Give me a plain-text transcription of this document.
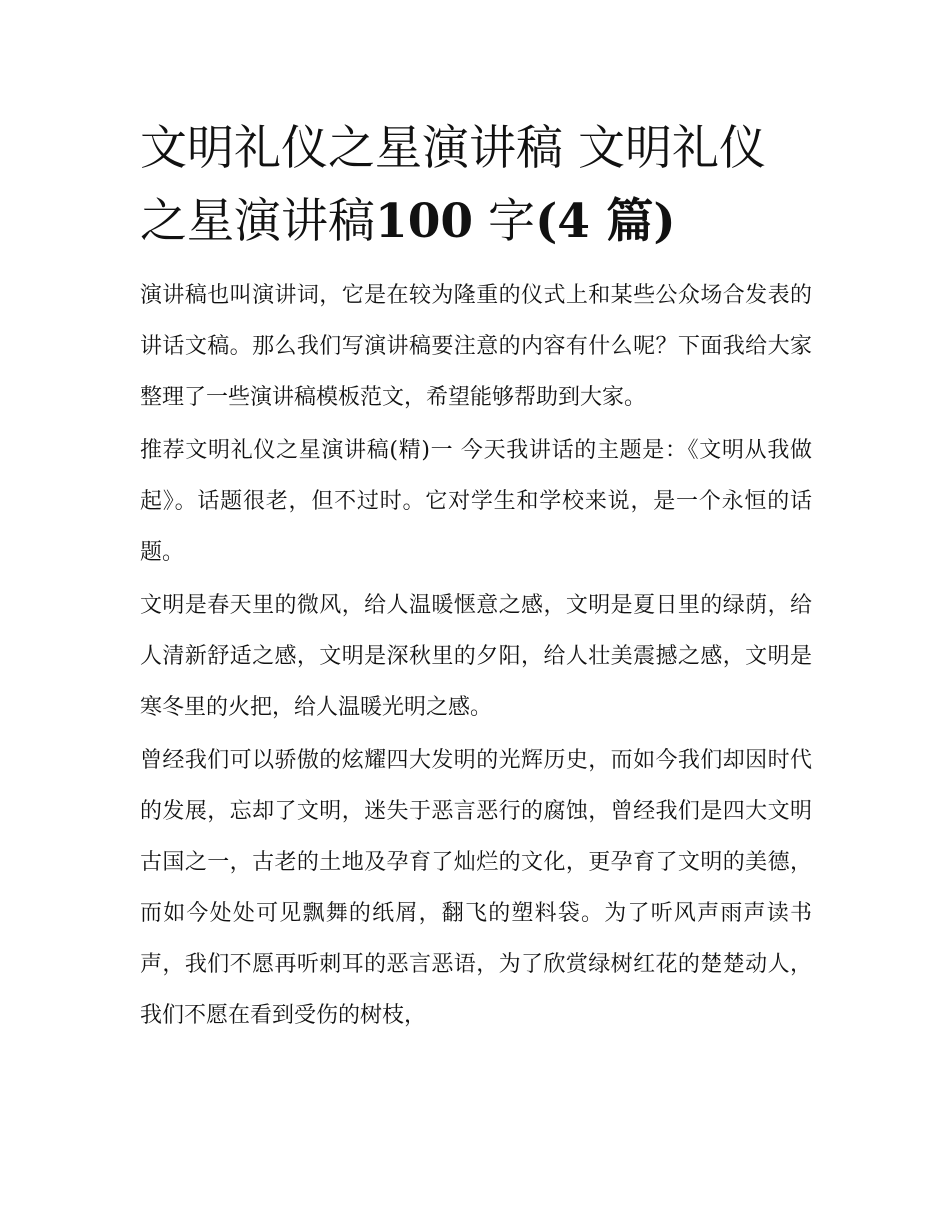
文明礼仪之星演讲稿 文明礼仪之星演讲稿100 字(4 篇)

演讲稿也叫演讲词，它是在较为隆重的仪式上和某些公众场合发表的讲话文稿。那么我们写演讲稿要注意的内容有什么呢？下面我给大家整理了一些演讲稿模板范文，希望能够帮助到大家。

推荐文明礼仪之星演讲稿(精)一 今天我讲话的主题是：《文明从我做起》。话题很老，但不过时。它对学生和学校来说，是一个永恒的话题。

文明是春天里的微风，给人温暖惬意之感，文明是夏日里的绿荫，给人清新舒适之感，文明是深秋里的夕阳，给人壮美震撼之感，文明是寒冬里的火把，给人温暖光明之感。

曾经我们可以骄傲的炫耀四大发明的光辉历史，而如今我们却因时代的发展，忘却了文明，迷失于恶言恶行的腐蚀，曾经我们是四大文明古国之一，古老的土地及孕育了灿烂的文化，更孕育了文明的美德，而如今处处可见飘舞的纸屑，翻飞的塑料袋。为了听风声雨声读书声，我们不愿再听刺耳的恶言恶语，为了欣赏绿树红花的楚楚动人，我们不愿在看到受伤的树枝，
